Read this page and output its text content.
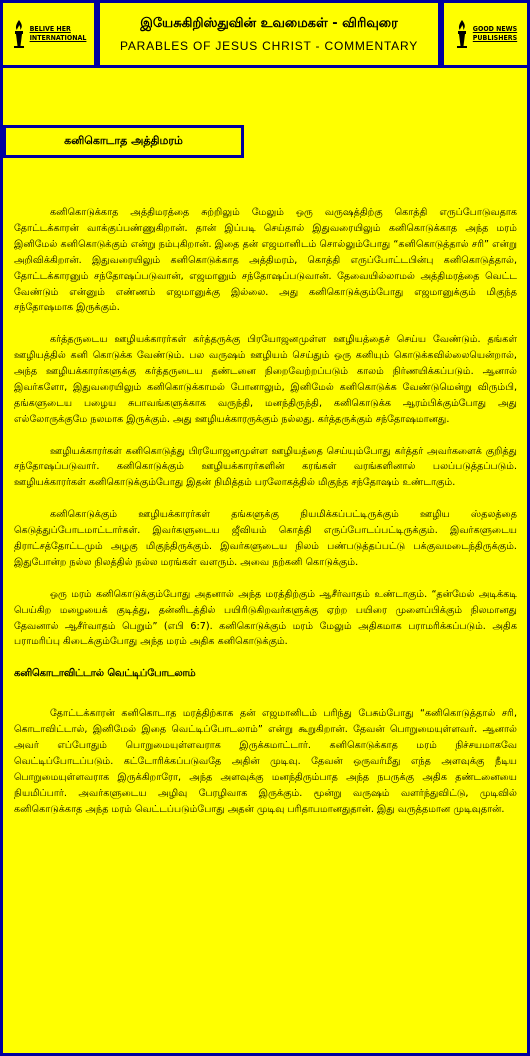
BELIVE HER
INTERNATIONAL
இயேசுகிறிஸ்துவின் உவமைகள் - விரிவுரை
PARABLES OF JESUS CHRIST - COMMENTARY
GOOD NEWS
PUBLISHERS
கனிகொடாத அத்திமரம்

கனிகொடுக்காத அத்திமரத்தை சுற்றிலும் மேலும் ஒரு வருஷத்திற்கு கொத்தி எருப்போடுவதாக தோட்டக்காரன் வாக்குப்பண்ணுகிறான். தான் இப்படி செய்தால் இதுவரையிலும் கனிகொடுக்காத அந்த மரம் இனிமேல் கனிகொடுக்கும் என்று நம்புகிறான். இதை தன் எஜமானிடம் சொல்லும்போது “கனிகொடுத்தால் சரி” என்று அறிவிக்கிறான். இதுவரையிலும் கனிகொடுக்காத அத்திமரம், கொத்தி எருப்போட்டபின்பு கனிகொடுத்தால், தோட்டக்காரனும் சந்தோஷப்படுவான், எஜமானும் சந்தோஷப்படுவான். தேவையில்லாமல் அத்திமரத்தை வெட்ட வேண்டும் என்னும் எண்ணம் எஜமானுக்கு இல்லை. அது கனிகொடுக்கும்போது எஜமானுக்கும் மிகுந்த சந்தோஷமாக இருக்கும்.

கர்த்தருடைய ஊழியக்காரர்கள் கர்த்தருக்கு பிரயோஜனமுள்ள ஊழியத்தைச் செய்ய வேண்டும். தங்கள் ஊழியத்தில் கனி கொடுக்க வேண்டும். பல வருஷம் ஊழியம் செய்தும் ஒரு கனியும் கொடுக்கவில்லையென்றால், அந்த ஊழியக்காரர்களுக்கு கர்த்தருடைய தண்டனை நிறைவேற்றப்படும் காலம் நிர்ணயிக்கப்படும். ஆனால் இவர்களோ, இதுவரையிலும் கனிகொடுக்காமல் போனாலும், இனிமேல் கனிகொடுக்க வேண்டுமென்று விரும்பி, தங்களுடைய பழைய சுபாவங்களுக்காக வருந்தி, மனந்திருந்தி, கனிகொடுக்க ஆரம்பிக்கும்போது அது எல்லோருக்குமே நலமாக இருக்கும். அது ஊழியக்காரருக்கும் நல்லது. கர்த்தருக்கும் சந்தோஷமானது.

ஊழியக்காரர்கள் கனிகொடுத்து பிரயோஜனமுள்ள ஊழியத்தை செய்யும்போது கர்த்தர் அவர்களைக் குறித்து சந்தோஷப்படுவார். கனிகொடுக்கும் ஊழியக்காரர்களின் கரங்கள் வரங்களினால் பலப்படுத்தப்படும். ஊழியக்காரர்கள் கனிகொடுக்கும்போது இதன் நிமித்தம் பரலோகத்தில் மிகுந்த சந்தோஷம் உண்டாகும்.

கனிகொடுக்கும் ஊழியக்காரர்கள் தங்களுக்கு நியமிக்கப்பட்டிருக்கும் ஊழிய ஸ்தலத்தை கெடுத்துப்போடமாட்டார்கள். இவர்களுடைய ஜீவியம் கொத்தி எருப்போடப்பட்டிருக்கும். இவர்களுடைய திராட்சத்தோட்டமும் அழகு மிகுந்திருக்கும். இவர்களுடைய நிலம் பண்படுத்தப்பட்டு பக்குவமடைந்திருக்கும். இதுபோன்ற நல்ல நிலத்தில் நல்ல மரங்கள் வளரும். அவை நற்கனி கொடுக்கும்.

ஒரு மரம் கனிகொடுக்கும்போது அதனால் அந்த மரத்திற்கும் ஆசீர்வாதம் உண்டாகும். “தன்மேல் அடிக்கடி பெய்கிற மழையைக் குடித்து, தன்னிடத்தில் பயிரிடுகிறவர்களுக்கு ஏற்ற பயிரை முளைப்பிக்கும் நிலமானது தேவனால் ஆசீர்வாதம் பெறும்” (எபி 6:7). கனிகொடுக்கும் மரம் மேலும் அதிகமாக பராமரிக்கப்படும். அதிக பராமரிப்பு கிடைக்கும்போது அந்த மரம் அதிக கனிகொடுக்கும்.

கனிகொடாவிட்டால் வெட்டிப்போடலாம்

தோட்டக்காரன் கனிகொடாத மரத்திற்காக தன் எஜமானிடம் பரிந்து பேசும்போது “கனிகொடுத்தால் சரி, கொடாவிட்டால், இனிமேல் இதை வெட்டிப்போடலாம்” என்று கூறுகிறான். தேவன் பொறுமையுள்ளவர். ஆனால் அவர் எப்போதும் பொறுமையுள்ளவராக இருக்கமாட்டார். கனிகொடுக்காத மரம் நிச்சயமாகவே வெட்டிப்போடப்படும். கட்டோரிக்கப்படுவதே அதின் முடிவு. தேவன் ஒருவர்மீது எந்த அளவுக்கு நீடிய பொறுமையுள்ளவராக இருக்கிறாரோ, அந்த அளவுக்கு மனந்திரும்பாத அந்த நபருக்கு அதிக தண்டனையை நியமிப்பார். அவர்களுடைய அழிவு பேரழிவாக இருக்கும். மூன்று வருஷம் வளர்ந்துவிட்டு, முடிவில் கனிகொடுக்காத அந்த மரம் வெட்டப்படும்போது அதன் முடிவு பரிதாபமானதுதான். இது வருத்தமான முடிவுதான்.
